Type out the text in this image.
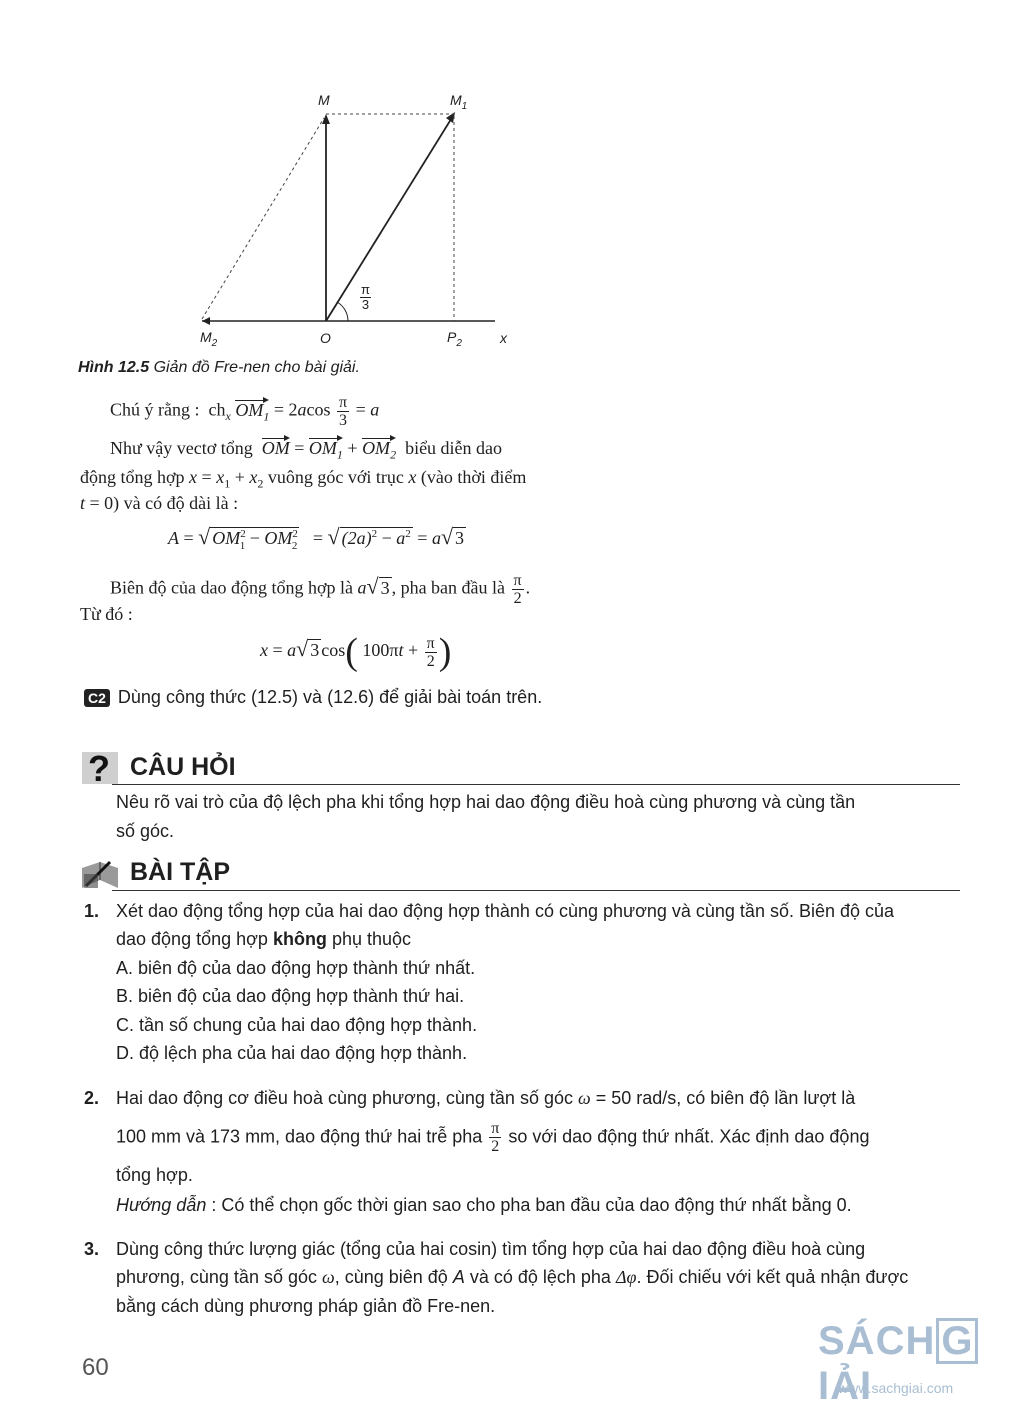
M	$M_1$
$M_2$	O	$P_2$	x
π
3
Hình 12.5 Giản đồ Fre-nen cho bài giải.
Chú ý rằng : $ch_x$ $OM_1 = 2acos \frac{\pi}{3} = a$
Như vậy vectơ tổng OM = $OM_1 + OM_2$ biểu diễn dao
động tổng hợp $x = x_1 + x_2$ vuông góc với trục x (vào thời điểm
t = 0) và có độ dài là :
A = √ $OM^2_1 - OM^2_2$   = √ $(2a)^2 - a^2 = a√$ 3
Biên độ của dao động tổng hợp là a√ 3 , pha ban đầu là $\frac{\pi}{2}$ .
Từ đó :
x = a√ 3 cos( $100\pi t + \frac{\pi}{2}$ )
C2 Dùng công thức (12.5) và (12.6) để giải bài toán trên.
? CÂU HỎI
Nêu rõ vai trò của độ lệch pha khi tổng hợp hai dao động điều hoà cùng phương và cùng tần
số góc.
BÀI TẬP
1. Xét dao động tổng hợp của hai dao động hợp thành có cùng phương và cùng tần số. Biên độ của
dao động tổng hợp không phụ thuộc
A. biên độ của dao động hợp thành thứ nhất.
B. biên độ của dao động hợp thành thứ hai.
C. tần số chung của hai dao động hợp thành.
D. độ lệch pha của hai dao động hợp thành.
2. Hai dao động cơ điều hoà cùng phương, cùng tần số góc ω = 50 rad/s, có biên độ lần lượt là
100 mm và 173 mm, dao động thứ hai trễ pha $\frac{\pi}{2}$ so với dao động thứ nhất. Xác định dao động
tổng hợp.
Hướng dẫn : Có thể chọn gốc thời gian sao cho pha ban đầu của dao động thứ nhất bằng 0.
3. Dùng công thức lượng giác (tổng của hai cosin) tìm tổng hợp của hai dao động điều hoà cùng
phương, cùng tần số góc ω, cùng biên độ A và có độ lệch pha Δφ. Đối chiếu với kết quả nhận được
bằng cách dùng phương pháp giản đồ Fre-nen.
60
SÁCH GIẢI
www.sachgiai.com
